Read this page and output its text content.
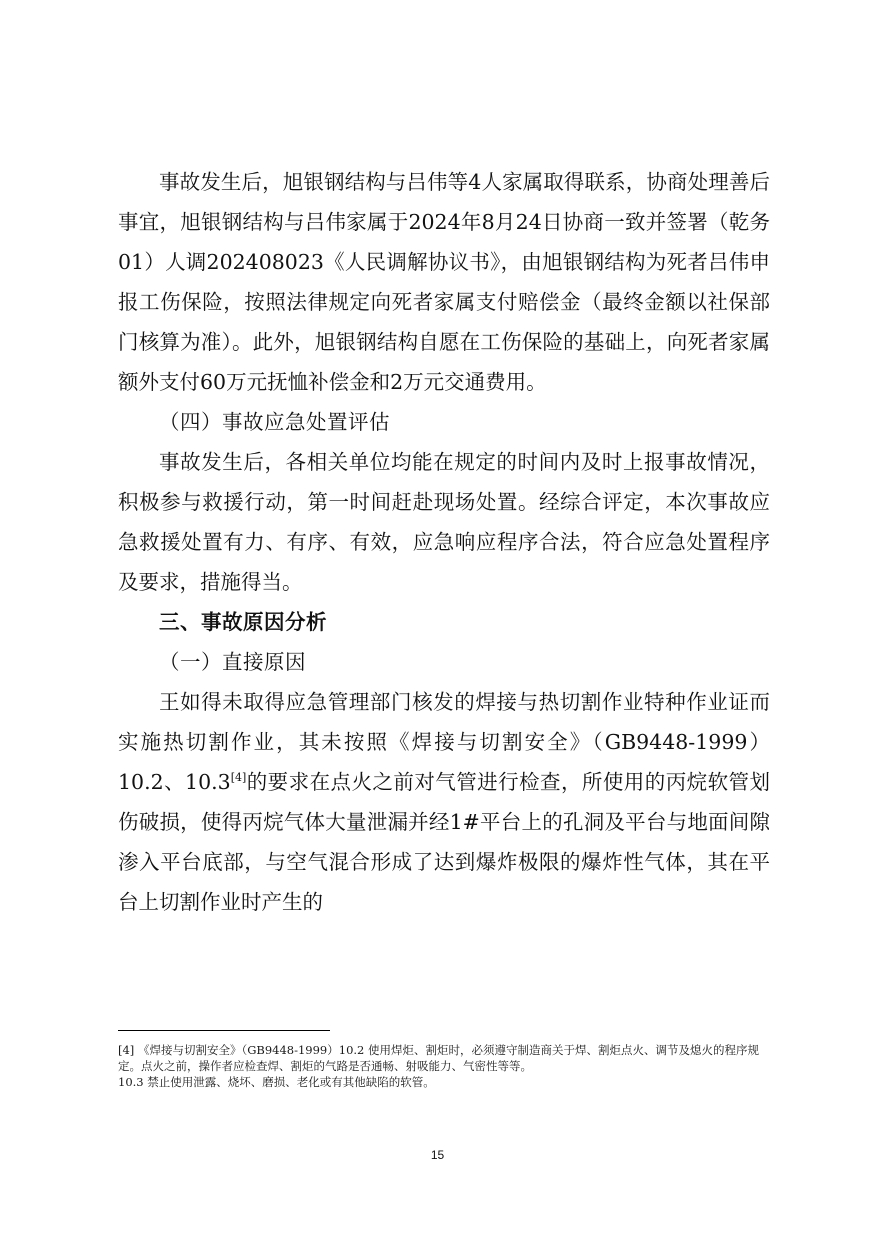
事故发生后，旭银钢结构与吕伟等4人家属取得联系，协商处理善后事宜，旭银钢结构与吕伟家属于2024年8月24日协商一致并签署（乾务01）人调202408023《人民调解协议书》，由旭银钢结构为死者吕伟申报工伤保险，按照法律规定向死者家属支付赔偿金（最终金额以社保部门核算为准）。此外，旭银钢结构自愿在工伤保险的基础上，向死者家属额外支付60万元抚恤补偿金和2万元交通费用。

（四）事故应急处置评估

事故发生后，各相关单位均能在规定的时间内及时上报事故情况，积极参与救援行动，第一时间赶赴现场处置。经综合评定，本次事故应急救援处置有力、有序、有效，应急响应程序合法，符合应急处置程序及要求，措施得当。

三、事故原因分析

（一）直接原因

王如得未取得应急管理部门核发的焊接与热切割作业特种作业证而实施热切割作业，其未按照《焊接与切割安全》（GB9448-1999）10.2、10.3[4]的要求在点火之前对气管进行检查，所使用的丙烷软管划伤破损，使得丙烷气体大量泄漏并经1#平台上的孔洞及平台与地面间隙渗入平台底部，与空气混合形成了达到爆炸极限的爆炸性气体，其在平台上切割作业时产生的

[4] 《焊接与切割安全》（GB9448-1999）10.2 使用焊炬、割炬时，必须遵守制造商关于焊、割炬点火、调节及熄火的程序规定。点火之前，操作者应检查焊、割炬的气路是否通畅、射吸能力、气密性等等。

10.3 禁止使用泄露、烧坏、磨损、老化或有其他缺陷的软管。

15
